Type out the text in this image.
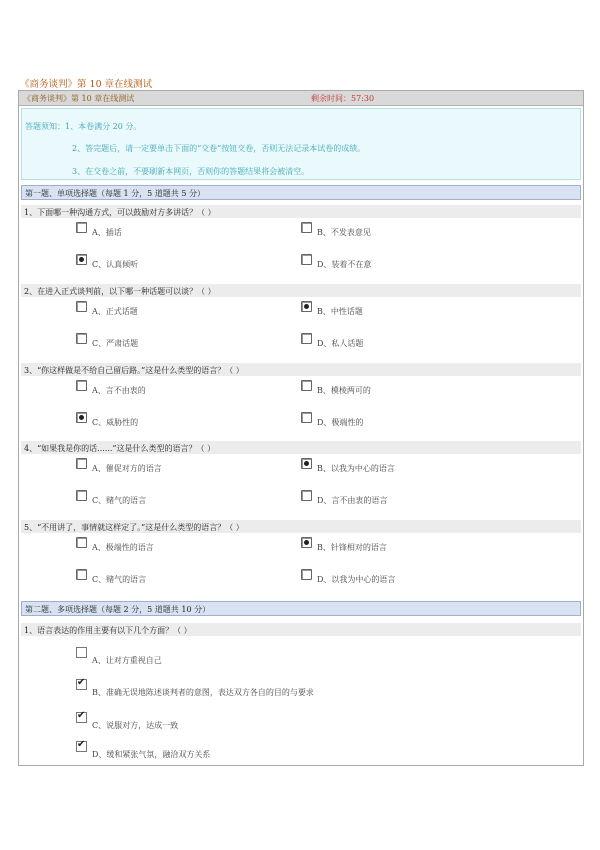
《商务谈判》第 10 章在线测试
《商务谈判》第 10 章在线测试	剩余时间：57:30
答题须知：1、本卷满分 20 分。
2、答完题后，请一定要单击下面的“交卷”按钮交卷，否则无法记录本试卷的成绩。
3、在交卷之前，不要刷新本网页，否则你的答题结果将会被清空。
第一题、单项选择题（每题 1 分，5 道题共 5 分）
第二题、多项选择题（每题 2 分，5 道题共 10 分）
1、语言表达的作用主要有以下几个方面？（ ）
1、下面哪一种沟通方式，可以鼓励对方多讲话？（ ）
A、插话	B、不发表意见
C、认真倾听	D、装着不在意
2、在进入正式谈判前，以下哪一种话题可以谈？（ ）
A、正式话题	B、中性话题
C、严肃话题	D、私人话题
3、“你这样做是不给自己留后路。”这是什么类型的语言？（ ）
A、言不由衷的	B、模棱两可的
C、威胁性的	D、极端性的
4、“如果我是你的话......”这是什么类型的语言？（ ）
A、催促对方的语言	B、以我为中心的语言
C、赌气的语言	D、言不由衷的语言
5、“不用讲了，事情就这样定了。”这是什么类型的语言？（ ）
A、极端性的语言	B、针锋相对的语言
C、赌气的语言	D、以我为中心的语言
A、让对方重视自己
✔
B、准确无误地陈述谈判者的意图，表达双方各自的目的与要求
✔
C、说服对方，达成一致
✔
D、缓和紧张气氛，融洽双方关系
